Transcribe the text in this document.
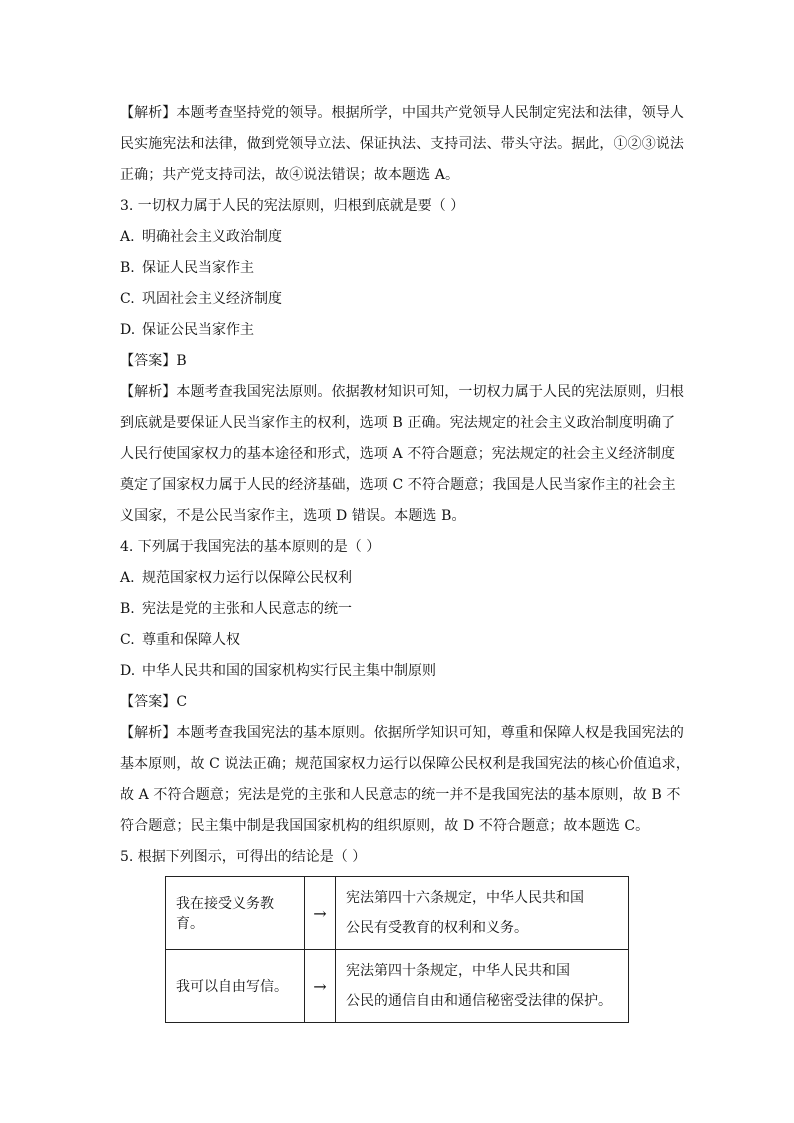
【解析】本题考查坚持党的领导。根据所学，中国共产党领导人民制定宪法和法律，领导人
民实施宪法和法律，做到党领导立法、保证执法、支持司法、带头守法。据此，①②③说法
正确；共产党支持司法，故④说法错误；故本题选 A。
3. 一切权力属于人民的宪法原则，归根到底就是要（ ）
A. 明确社会主义政治制度
B. 保证人民当家作主
C. 巩固社会主义经济制度
D. 保证公民当家作主
【答案】B
【解析】本题考查我国宪法原则。依据教材知识可知，一切权力属于人民的宪法原则，归根
到底就是要保证人民当家作主的权利，选项 B 正确。宪法规定的社会主义政治制度明确了
人民行使国家权力的基本途径和形式，选项 A 不符合题意；宪法规定的社会主义经济制度
奠定了国家权力属于人民的经济基础，选项 C 不符合题意；我国是人民当家作主的社会主
义国家，不是公民当家作主，选项 D 错误。本题选 B。
4. 下列属于我国宪法的基本原则的是（ ）
A. 规范国家权力运行以保障公民权利
B. 宪法是党的主张和人民意志的统一
C. 尊重和保障人权
D. 中华人民共和国的国家机构实行民主集中制原则
【答案】C
【解析】本题考查我国宪法的基本原则。依据所学知识可知，尊重和保障人权是我国宪法的
基本原则，故 C 说法正确；规范国家权力运行以保障公民权利是我国宪法的核心价值追求，
故 A 不符合题意；宪法是党的主张和人民意志的统一并不是我国宪法的基本原则，故 B 不
符合题意；民主集中制是我国国家机构的组织原则，故 D 不符合题意；故本题选 C。
5. 根据下列图示，可得出的结论是（ ）
我在接受义务教育。	→	宪法第四十六条规定，中华人民共和国
公民有受教育的权利和义务。

我可以自由写信。	→	宪法第四十条规定，中华人民共和国
公民的通信自由和通信秘密受法律的保护。
